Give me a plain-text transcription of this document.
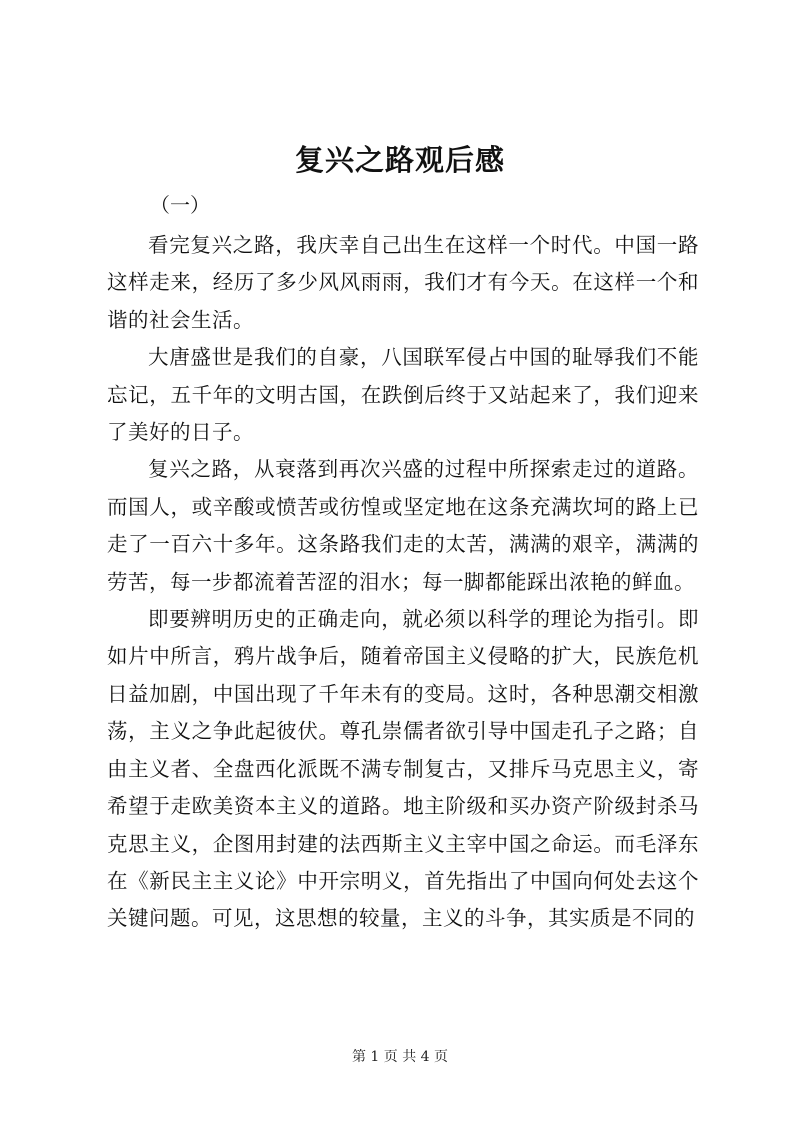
复兴之路观后感
（一）

看完复兴之路，我庆幸自己出生在这样一个时代。中国一路这样走来，经历了多少风风雨雨，我们才有今天。在这样一个和谐的社会生活。

大唐盛世是我们的自豪，八国联军侵占中国的耻辱我们不能忘记，五千年的文明古国，在跌倒后终于又站起来了，我们迎来了美好的日子。

复兴之路，从衰落到再次兴盛的过程中所探索走过的道路。而国人，或辛酸或愤苦或彷惶或坚定地在这条充满坎坷的路上已走了一百六十多年。这条路我们走的太苦，满满的艰辛，满满的劳苦，每一步都流着苦涩的泪水；每一脚都能踩出浓艳的鲜血。

即要辨明历史的正确走向，就必须以科学的理论为指引。即如片中所言，鸦片战争后，随着帝国主义侵略的扩大，民族危机日益加剧，中国出现了千年未有的变局。这时，各种思潮交相激荡，主义之争此起彼伏。尊孔崇儒者欲引导中国走孔子之路；自由主义者、全盘西化派既不满专制复古，又排斥马克思主义，寄希望于走欧美资本主义的道路。地主阶级和买办资产阶级封杀马克思主义，企图用封建的法西斯主义主宰中国之命运。而毛泽东在《新民主主义论》中开宗明义，首先指出了中国向何处去这个关键问题。可见，这思想的较量，主义的斗争，其实质是不同的

第 1 页 共 4 页
